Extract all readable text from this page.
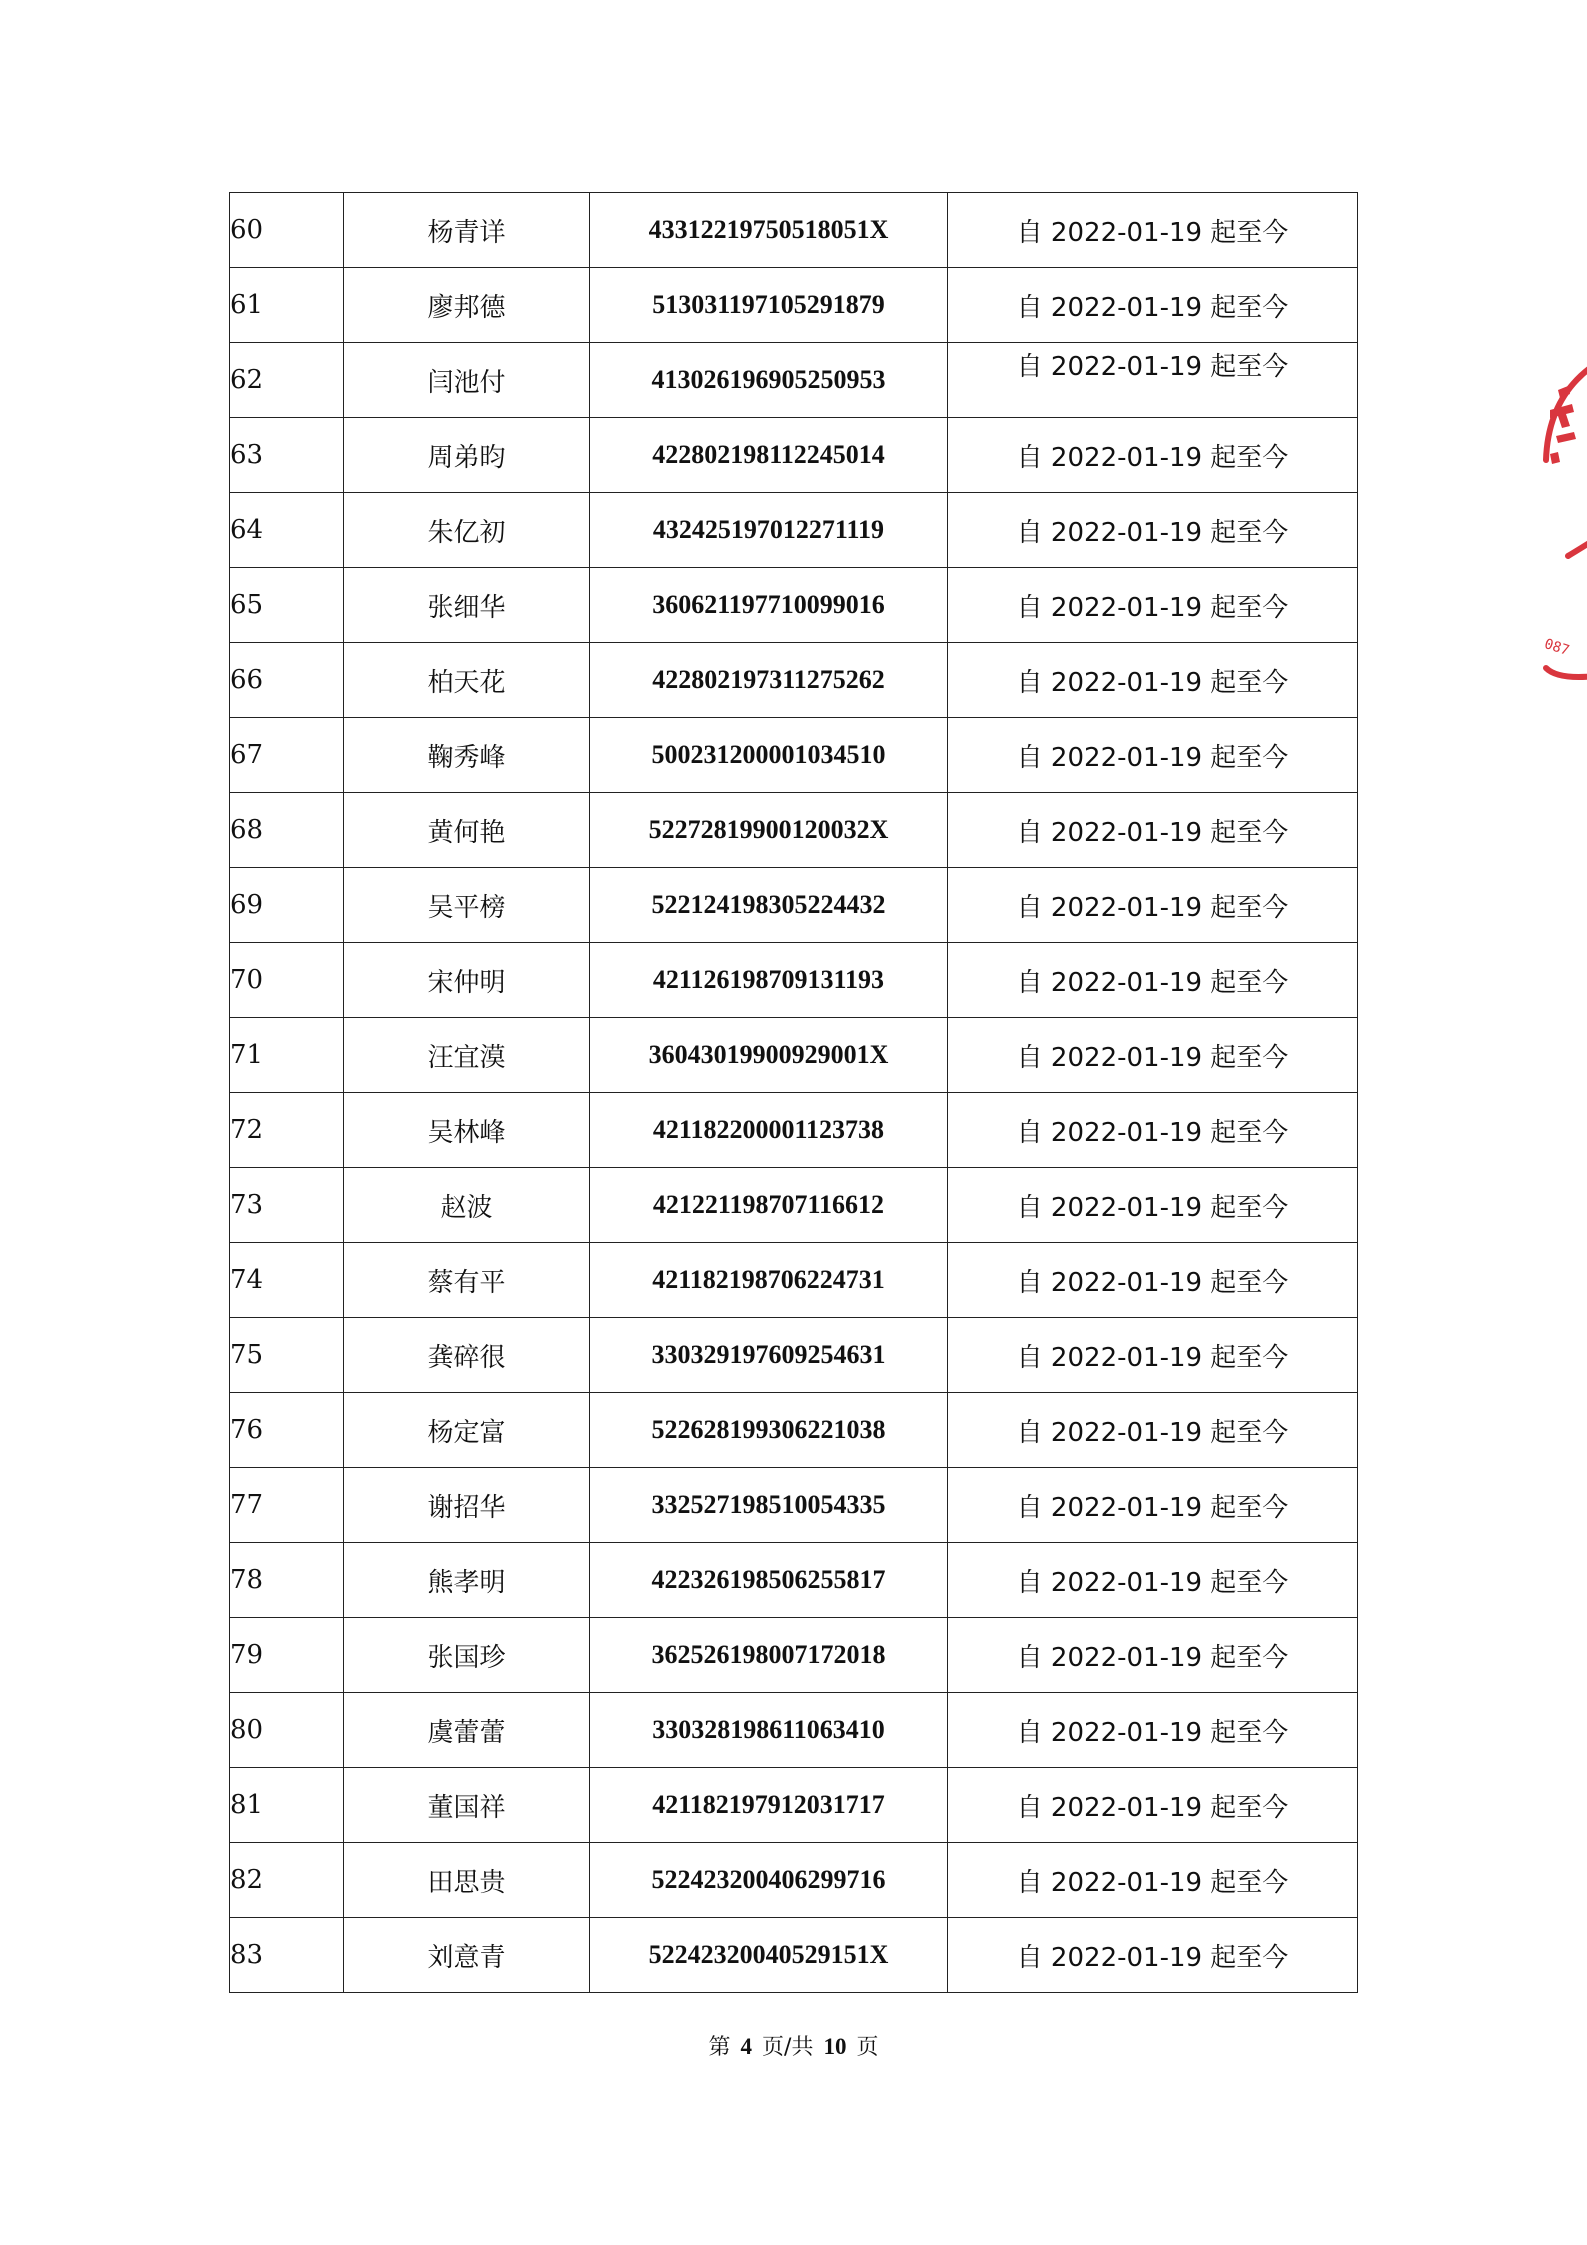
60	杨青详	43312219750518051X	自 2022-01-19 起至今
61	廖邦德	513031197105291879	自 2022-01-19 起至今
62	闫池付	413026196905250953	自 2022-01-19 起至今
63	周弟昀	422802198112245014	自 2022-01-19 起至今
64	朱亿初	432425197012271119	自 2022-01-19 起至今
65	张细华	360621197710099016	自 2022-01-19 起至今
66	柏天花	422802197311275262	自 2022-01-19 起至今
67	鞠秀峰	500231200001034510	自 2022-01-19 起至今
68	黄何艳	52272819900120032X	自 2022-01-19 起至今
69	吴平榜	522124198305224432	自 2022-01-19 起至今
70	宋仲明	421126198709131193	自 2022-01-19 起至今
71	汪宜漠	36043019900929001X	自 2022-01-19 起至今
72	吴林峰	421182200001123738	自 2022-01-19 起至今
73	赵波	421221198707116612	自 2022-01-19 起至今
74	蔡有平	421182198706224731	自 2022-01-19 起至今
75	龚碎很	330329197609254631	自 2022-01-19 起至今
76	杨定富	522628199306221038	自 2022-01-19 起至今
77	谢招华	332527198510054335	自 2022-01-19 起至今
78	熊孝明	422326198506255817	自 2022-01-19 起至今
79	张国珍	362526198007172018	自 2022-01-19 起至今
80	虞蕾蕾	330328198611063410	自 2022-01-19 起至今
81	董国祥	421182197912031717	自 2022-01-19 起至今
82	田思贵	522423200406299716	自 2022-01-19 起至今
83	刘意青	52242320040529151X	自 2022-01-19 起至今
第 4 页/共 10 页
087
